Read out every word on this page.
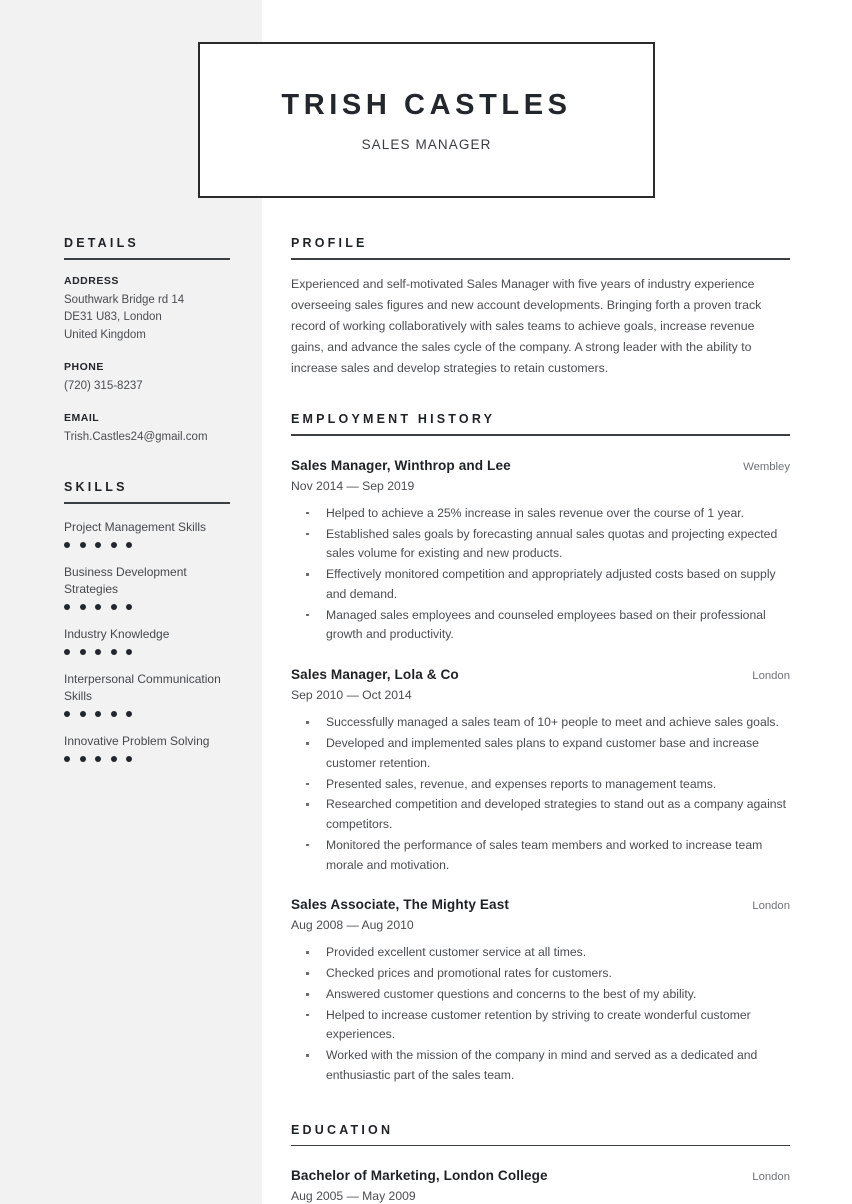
TRISH CASTLES
SALES MANAGER
DETAILS
ADDRESS
Southwark Bridge rd 14
DE31 U83, London
United Kingdom
PHONE
(720) 315-8237
EMAIL
Trish.Castles24@gmail.com
SKILLS
Project Management Skills
Business Development Strategies
Industry Knowledge
Interpersonal Communication Skills
Innovative Problem Solving
PROFILE
Experienced and self-motivated Sales Manager with five years of industry experience overseeing sales figures and new account developments. Bringing forth a proven track record of working collaboratively with sales teams to achieve goals, increase revenue gains, and advance the sales cycle of the company. A strong leader with the ability to increase sales and develop strategies to retain customers.
EMPLOYMENT HISTORY
Sales Manager, Winthrop and Lee	Wembley
Nov 2014 — Sep 2019
Helped to achieve a 25% increase in sales revenue over the course of 1 year.
Established sales goals by forecasting annual sales quotas and projecting expected sales volume for existing and new products.
Effectively monitored competition and appropriately adjusted costs based on supply and demand.
Managed sales employees and counseled employees based on their professional growth and productivity.
Sales Manager, Lola & Co	London
Sep 2010 — Oct 2014
Successfully managed a sales team of 10+ people to meet and achieve sales goals.
Developed and implemented sales plans to expand customer base and increase customer retention.
Presented sales, revenue, and expenses reports to management teams.
Researched competition and developed strategies to stand out as a company against competitors.
Monitored the performance of sales team members and worked to increase team morale and motivation.
Sales Associate, The Mighty East	London
Aug 2008 — Aug 2010
Provided excellent customer service at all times.
Checked prices and promotional rates for customers.
Answered customer questions and concerns to the best of my ability.
Helped to increase customer retention by striving to create wonderful customer experiences.
Worked with the mission of the company in mind and served as a dedicated and enthusiastic part of the sales team.
EDUCATION
Bachelor of Marketing, London College	London
Aug 2005 — May 2009
